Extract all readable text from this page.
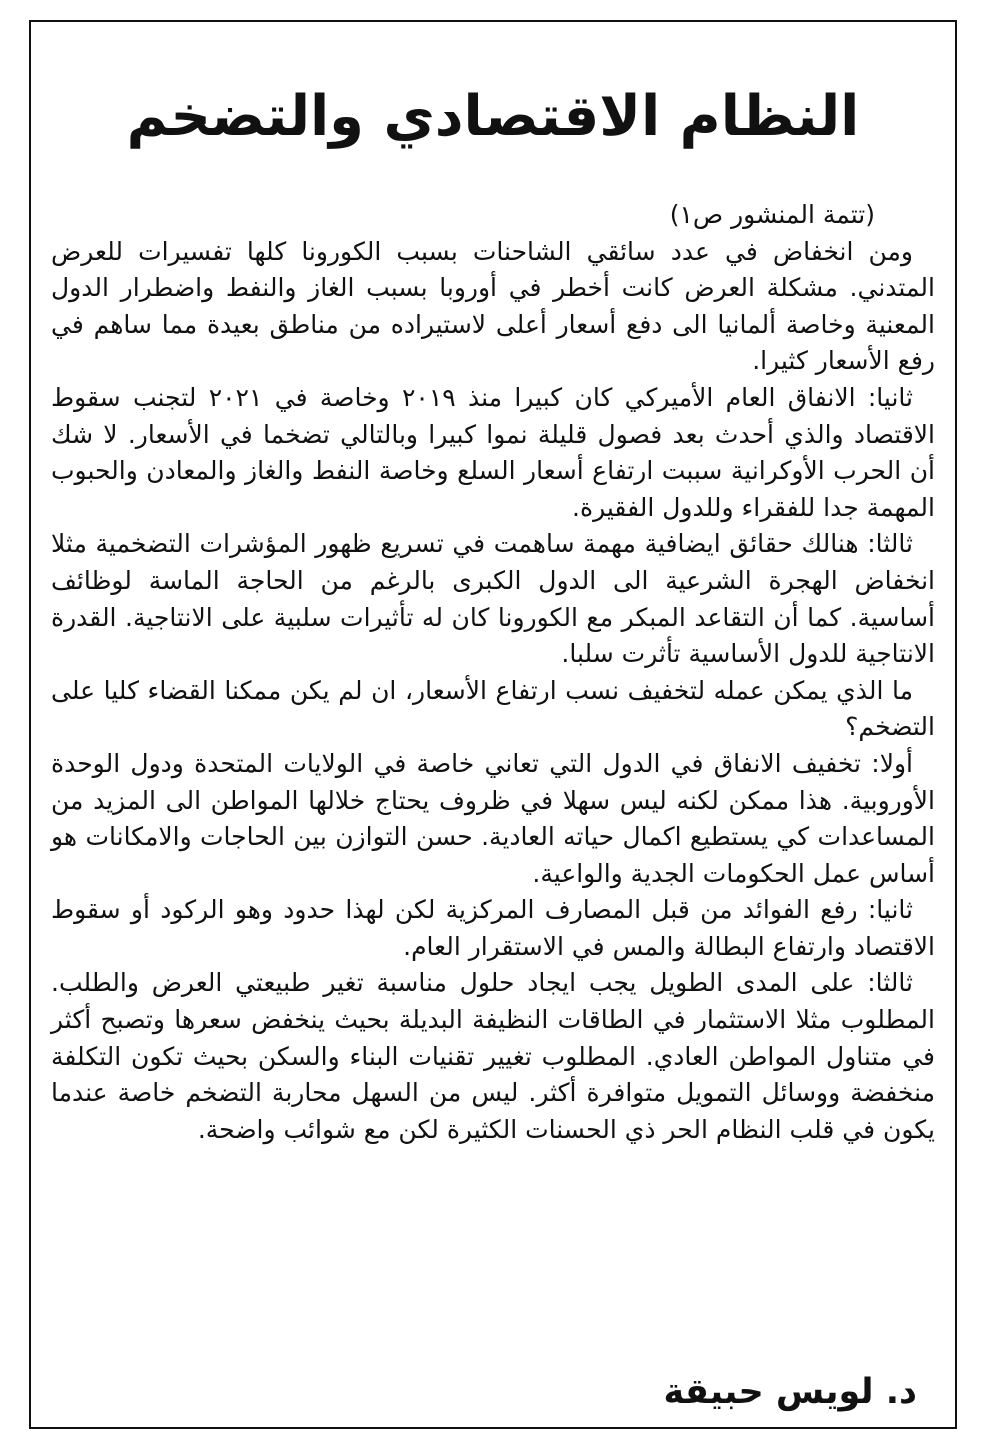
النظام الاقتصادي والتضخم

(تتمة المنشور ص١)

ومن انخفاض في عدد سائقي الشاحنات بسبب الكورونا كلها تفسيرات للعرض المتدني. مشكلة العرض كانت أخطر في أوروبا بسبب الغاز والنفط واضطرار الدول المعنية وخاصة ألمانيا الى دفع أسعار أعلى لاستيراده من مناطق بعيدة مما ساهم في رفع الأسعار كثيرا.

ثانيا: الانفاق العام الأميركي كان كبيرا منذ ٢٠١٩ وخاصة في ٢٠٢١ لتجنب سقوط الاقتصاد والذي أحدث بعد فصول قليلة نموا كبيرا وبالتالي تضخما في الأسعار. لا شك أن الحرب الأوكرانية سببت ارتفاع أسعار السلع وخاصة النفط والغاز والمعادن والحبوب المهمة جدا للفقراء وللدول الفقيرة.

ثالثا: هنالك حقائق ايضافية مهمة ساهمت في تسريع ظهور المؤشرات التضخمية مثلا انخفاض الهجرة الشرعية الى الدول الكبرى بالرغم من الحاجة الماسة لوظائف أساسية. كما أن التقاعد المبكر مع الكورونا كان له تأثيرات سلبية على الانتاجية. القدرة الانتاجية للدول الأساسية تأثرت سلبا.

ما الذي يمكن عمله لتخفيف نسب ارتفاع الأسعار، ان لم يكن ممكنا القضاء كليا على التضخم؟

أولا: تخفيف الانفاق في الدول التي تعاني خاصة في الولايات المتحدة ودول الوحدة الأوروبية. هذا ممكن لكنه ليس سهلا في ظروف يحتاج خلالها المواطن الى المزيد من المساعدات كي يستطيع اكمال حياته العادية. حسن التوازن بين الحاجات والامكانات هو أساس عمل الحكومات الجدية والواعية.

ثانيا: رفع الفوائد من قبل المصارف المركزية لكن لهذا حدود وهو الركود أو سقوط الاقتصاد وارتفاع البطالة والمس في الاستقرار العام.

ثالثا: على المدى الطويل يجب ايجاد حلول مناسبة تغير طبيعتي العرض والطلب. المطلوب مثلا الاستثمار في الطاقات النظيفة البديلة بحيث ينخفض سعرها وتصبح أكثر في متناول المواطن العادي. المطلوب تغيير تقنيات البناء والسكن بحيث تكون التكلفة منخفضة ووسائل التمويل متوافرة أكثر. ليس من السهل محاربة التضخم خاصة عندما يكون في قلب النظام الحر ذي الحسنات الكثيرة لكن مع شوائب واضحة.

د. لويس حبيقة
